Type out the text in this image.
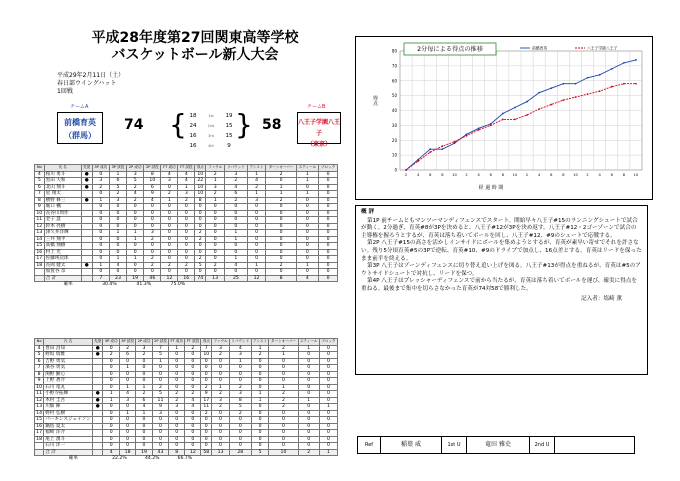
平成28年度第27回関東高等学校
バスケットボール新人大会
平成29年2月11日（土）
春日部ウイングハット
1回戦
チームA
前橋育英
（群馬）
74 { 18	1st	19
24	2nd	15
16	3rd	15
16	4th	9
} 58
チームB
八王子学園八王子
（東京）
No	氏 名	先発	3P 成功	3P 試投	2P 成功	2P 試投	FT 成功	FT 試投	得点	ファウル	リバウンド	アシスト	ターンオーバー	スティール	ブロック
4	桜川 勇斗	●	0	1	3	8	4	4	10	2	3	1	2	1	0
5	黒田 大和	●	3	6	5	10	3	4	22	1	2	4	0	1	0
6	北山 翔斗	●	2	5	2	6	0	1	10	3	4	2	1	0	0
7	星 翔太		0	2	4	9	2	3	10	2	6	1	1	1	0
8	横野 修三	●	1	3	2	4	1	2	8	1	2	3	2	0	0
9	堀口 楓		0	0	0	0	0	0	0	0	0	0	0	0	0
10	長谷川周作		0	0	0	0	0	0	0	0	0	0	0	0	0
11	金子 慧		0	0	0	0	0	0	0	0	0	0	0	0	0
12	鈴木 亮樹		0	0	0	0	0	0	0	0	0	0	0	0	0
13	津久井洋輝		0	1	1	3	0	0	2	0	1	0	0	0	0
14	三井 翔平		0	0	1	2	0	0	2	0	1	0	0	0	0
15	高橋 翔樹		0	0	0	0	0	0	0	0	0	0	0	0	0
16	村上 光		0	0	0	0	0	0	0	0	0	0	0	0	0
17	佐藤瑛次郎		0	1	1	2	0	0	2	0	1	0	0	0	0
18	長岡 健太	●	1	4	0	2	2	2	5	2	4	1	2	1	0
	加賀谷 奈		0	0	0	0	0	0	0	0	0	0	0	0	0
	合 計		7	23	19	46	12	16	74	13	25	12	8	4	0
	確率		30.4%		41.3%		75.0%								
No	氏 名	先発	3P 成功	3P 試投	2P 成功	2P 試投	FT 成功	FT 試投	得点	ファウル	リバウンド	アシスト	ターンオーバー	スティール	ブロック
4	豊田 昌知	●	0	2	3	7	1	2	7	3	4	1	2	1	0
5	野坂 瑞雅	●	2	6	2	5	0	0	10	2	3	2	1	0	0
6	吉野 勇気		0	0	0	1	0	0	0	0	1	0	0	0	0
7	濱谷 勇気		0	1	0	0	0	0	0	0	0	0	0	0	0
8	関野 勤心		0	0	0	0	0	0	0	0	0	0	0	0	0
9	上野 蒼介		0	0	0	0	0	0	0	0	0	0	0	0	0
10	石川 電丸		0	1	1	2	0	0	2	1	2	0	1	0	0
11	小野寺拓輝	●	1	4	2	5	2	2	9	2	3	1	2	0	0
12	木村 圭吾	●	1	3	6	11	2	4	17	3	8	1	2	1	0
13	川畑 陣	●	0	0	4	9	3	4	11	2	5	0	2	0	1
14	野村 弘樹		0	1	1	3	0	0	2	0	2	0	0	0	0
15	パーキンスジェイソン		0	0	0	0	0	0	0	0	0	0	0	0	0
16	鍋島 夏太		0	0	0	0	0	0	0	0	0	0	0	0	0
17	福崎 洋介		0	0	0	0	0	0	0	0	0	0	0	0	0
18	尾上 湧斗		0	0	0	0	0	0	0	0	0	0	0	0	0
	石川 洋一		0	0	0	0	0	0	0	0	0	0	0	0	0
	合 計		4	18	19	43	8	12	58	13	28	5	10	2	1
	確率		22.2%		44.2%		66.7%								
0
10
20
30
40
50
60
70
80
2	4	6	8 10 2	4	6	8 10 2	4	6	8 10 2	4	6	8 10
経 過 時 間
得点
2分毎による得点の推移	前橋育英	八王子学園八王子
概 評
第1P 前チームともマンツーマンディフェンスでスタート。開始早々八王子#15のランニングシュートで試合が動く。2分過ぎ、育英#8が3Pを決めると、八王子#12が3Pを決め返す。八王子#12・2ゴーゾーンで試合の主導権を握ろうとするが、育英は落ち着いてボールを回し、八王子#12、#9のシュートで応戦する。
第2P 八王子#15の高さを活かしインサイドにボールを集めようとするが、育英が素早い寄せでそれを許さない。残り5分頃育英#5の3Pで逆転、育英#10、#9のドライブで加点し、16点差とする。育英はリードを保ったまま前半を終える。
第3P 八王子はゾーンディフェンスに切り替え追い上げを図る。八王子#13が得点を重ねるが、育英は#5のアウトサイドシュートで対抗し、リードを保つ。
第4P 八王子はプレッシャーディフェンスで前から当たるが、育英は落ち着いてボールを運び、確実に得点を重ねる。最後まで集中を切らさなかった育英が74対58で勝利した。
記入者：塩崎 薫
Ref	稲葉 威	1st U	竜田 雅史	2nd U
